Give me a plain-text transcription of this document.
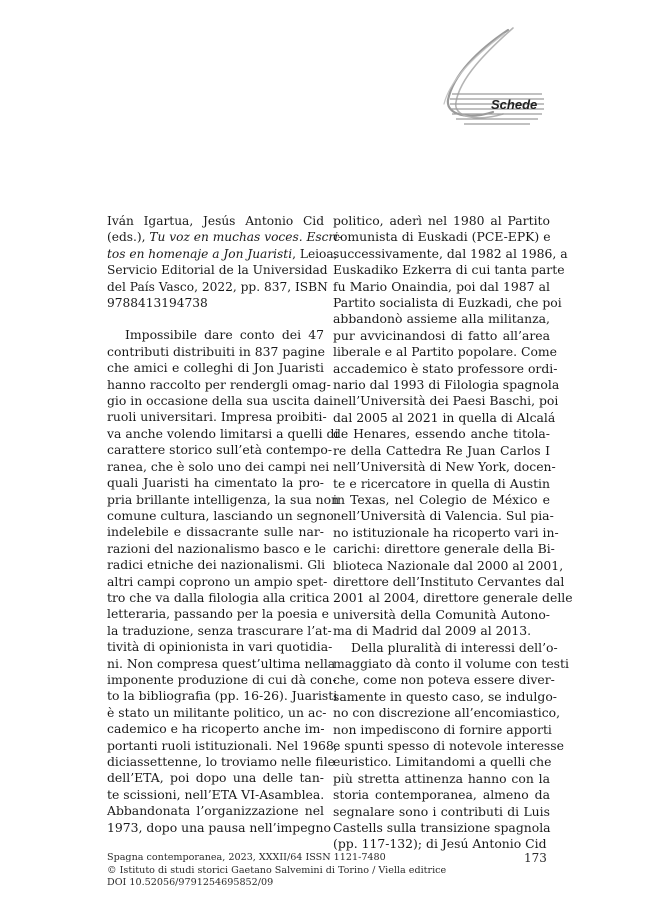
Schede

Iván Igartua, Jesús Antonio Cid
(eds.), Tu voz en muchas voces. Escri-
tos en homenaje a Jon Juaristi, Leioa,
Servicio Editorial de la Universidad
del País Vasco, 2022, pp. 837, ISBN
9788413194738

Impossibile dare conto dei 47
contributi distribuiti in 837 pagine
che amici e colleghi di Jon Juaristi
hanno raccolto per rendergli omag-
gio in occasione della sua uscita dai
ruoli universitari. Impresa proibiti-
va anche volendo limitarsi a quelli di
carattere storico sull’età contempo-
ranea, che è solo uno dei campi nei
quali Juaristi ha cimentato la pro-
pria brillante intelligenza, la sua non
comune cultura, lasciando un segno
indelebile e dissacrante sulle nar-
razioni del nazionalismo basco e le
radici etniche dei nazionalismi. Gli
altri campi coprono un ampio spet-
tro che va dalla filologia alla critica
letteraria, passando per la poesia e
la traduzione, senza trascurare l’at-
tività di opinionista in vari quotidia-
ni. Non compresa quest’ultima nella
imponente produzione di cui dà con-
to la bibliografia (pp. 16-26). Juaristi
è stato un militante politico, un ac-
cademico e ha ricoperto anche im-
portanti ruoli istituzionali. Nel 1968,
diciassettenne, lo troviamo nelle file
dell’ETA, poi dopo una delle tan-
te scissioni, nell’ETA VI-Asamblea.
Abbandonata l’organizzazione nel
1973, dopo una pausa nell’impegno

politico, aderì nel 1980 al Partito
comunista di Euskadi (PCE-EPK) e
successivamente, dal 1982 al 1986, a
Euskadiko Ezkerra di cui tanta parte
fu Mario Onaindia, poi dal 1987 al
Partito socialista di Euzkadi, che poi
abbandonò assieme alla militanza,
pur avvicinandosi di fatto all’area
liberale e al Partito popolare. Come
accademico è stato professore ordi-
nario dal 1993 di Filologia spagnola
nell’Università dei Paesi Baschi, poi
dal 2005 al 2021 in quella di Alcalá
de Henares, essendo anche titola-
re della Cattedra Re Juan Carlos I
nell’Università di New York, docen-
te e ricercatore in quella di Austin
in Texas, nel Colegio de México e
nell’Università di Valencia. Sul pia-
no istituzionale ha ricoperto vari in-
carichi: direttore generale della Bi-
blioteca Nazionale dal 2000 al 2001,
direttore dell’Instituto Cervantes dal
2001 al 2004, direttore generale delle
università della Comunità Autono-
ma di Madrid dal 2009 al 2013.

Della pluralità di interessi dell’o-
maggiato dà conto il volume con testi
che, come non poteva essere diver-
samente in questo caso, se indulgo-
no con discrezione all’encomiastico,
non impediscono di fornire apporti
e spunti spesso di notevole interesse
euristico. Limitandomi a quelli che
più stretta attinenza hanno con la
storia contemporanea, almeno da
segnalare sono i contributi di Luis
Castells sulla transizione spagnola
(pp. 117-132); di Jesú Antonio Cid

Spagna contemporanea, 2023, XXXII/64 ISSN 1121-7480
© Istituto di studi storici Gaetano Salvemini di Torino / Viella editrice
DOI 10.52056/9791254695852/09
173
